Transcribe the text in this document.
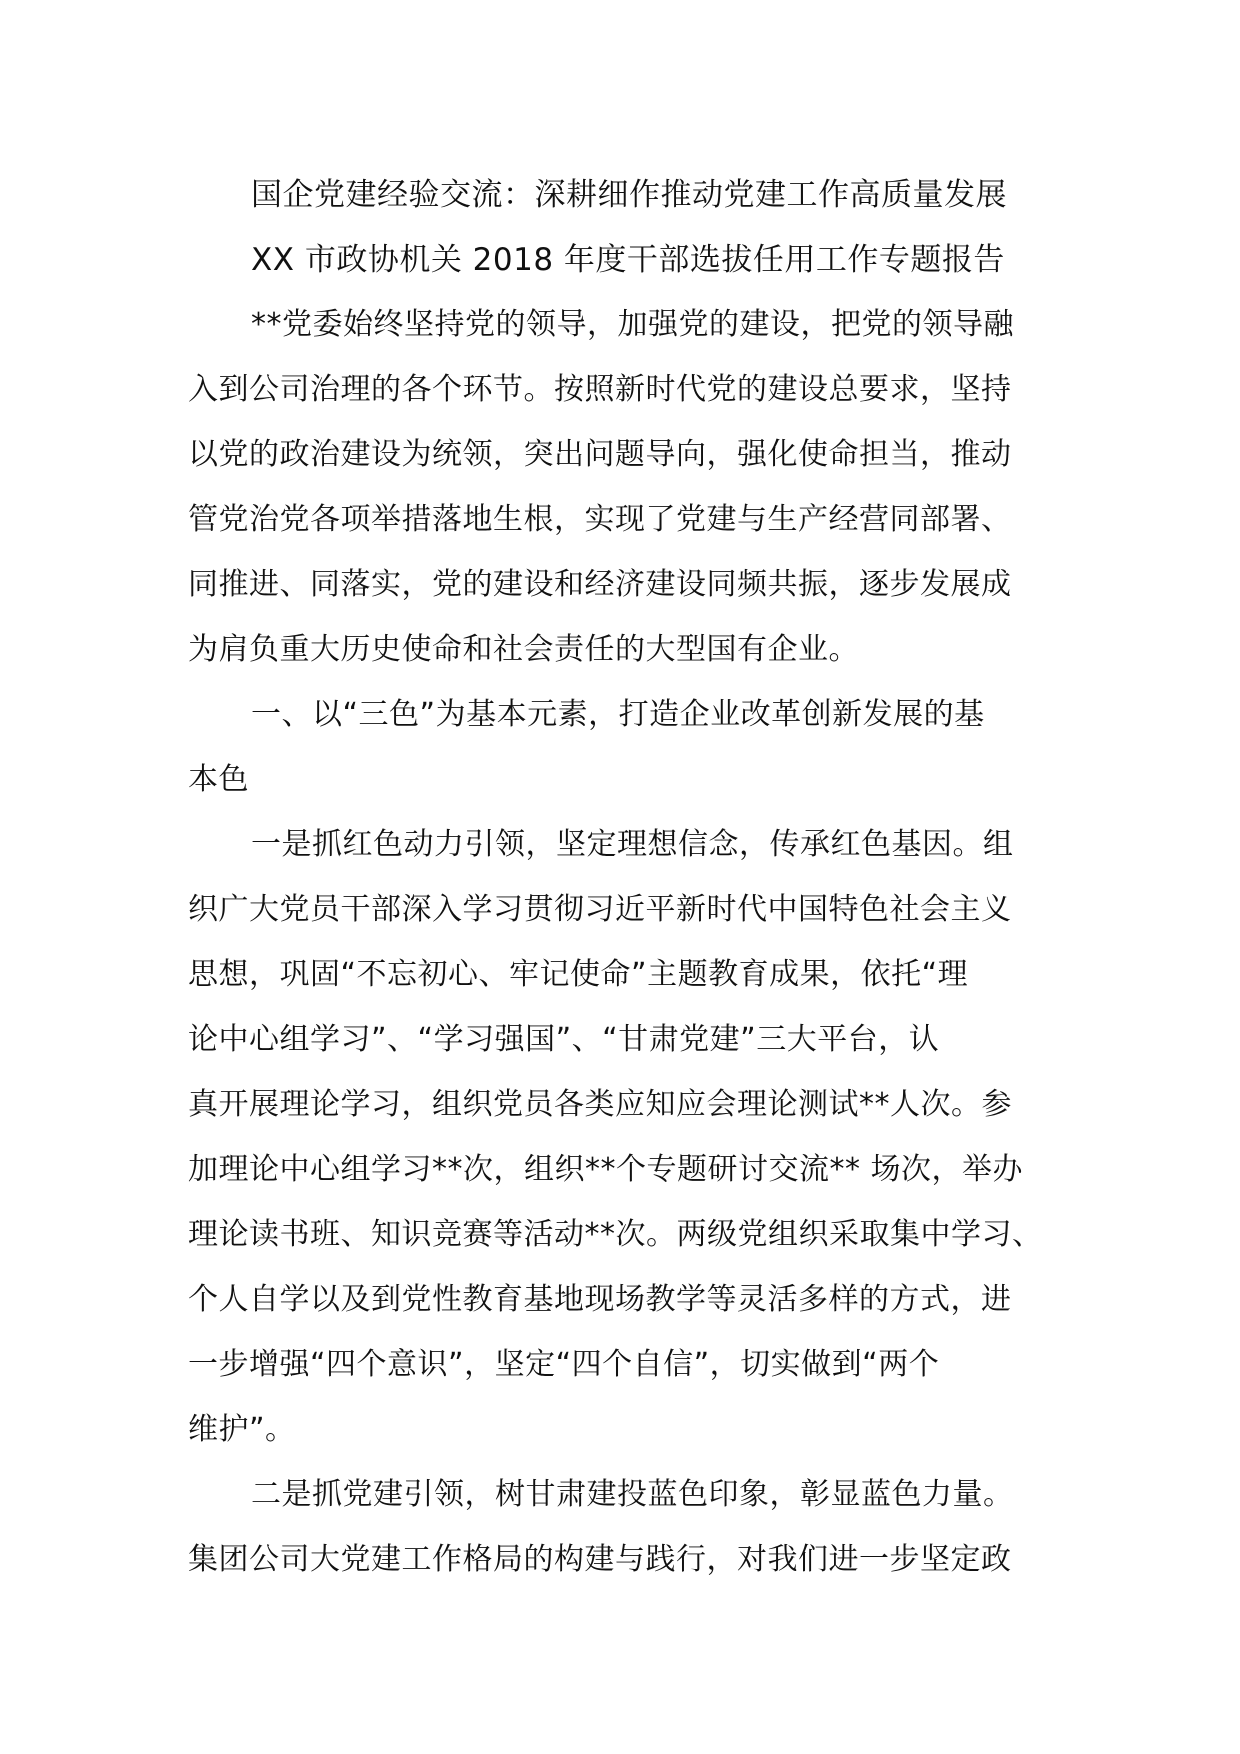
国企党建经验交流：深耕细作推动党建工作高质量发展
XX 市政协机关 2018 年度干部选拔任用工作专题报告
**党委始终坚持党的领导，加强党的建设，把党的领导融
入到公司治理的各个环节。按照新时代党的建设总要求，坚持
以党的政治建设为统领，突出问题导向，强化使命担当，推动
管党治党各项举措落地生根，实现了党建与生产经营同部署、
同推进、同落实，党的建设和经济建设同频共振，逐步发展成
为肩负重大历史使命和社会责任的大型国有企业。
一、以“三色”为基本元素，打造企业改革创新发展的基
本色
一是抓红色动力引领，坚定理想信念，传承红色基因。组
织广大党员干部深入学习贯彻习近平新时代中国特色社会主义
思想，巩固“不忘初心、牢记使命”主题教育成果，依托“理
论中心组学习”、“学习强国”、“甘肃党建”三大平台，认
真开展理论学习，组织党员各类应知应会理论测试**人次。参
加理论中心组学习**次，组织**个专题研讨交流** 场次，举办
理论读书班、知识竞赛等活动**次。两级党组织采取集中学习、
个人自学以及到党性教育基地现场教学等灵活多样的方式，进
一步增强“四个意识”，坚定“四个自信”，切实做到“两个
维护”。
二是抓党建引领，树甘肃建投蓝色印象，彰显蓝色力量。
集团公司大党建工作格局的构建与践行，对我们进一步坚定政
